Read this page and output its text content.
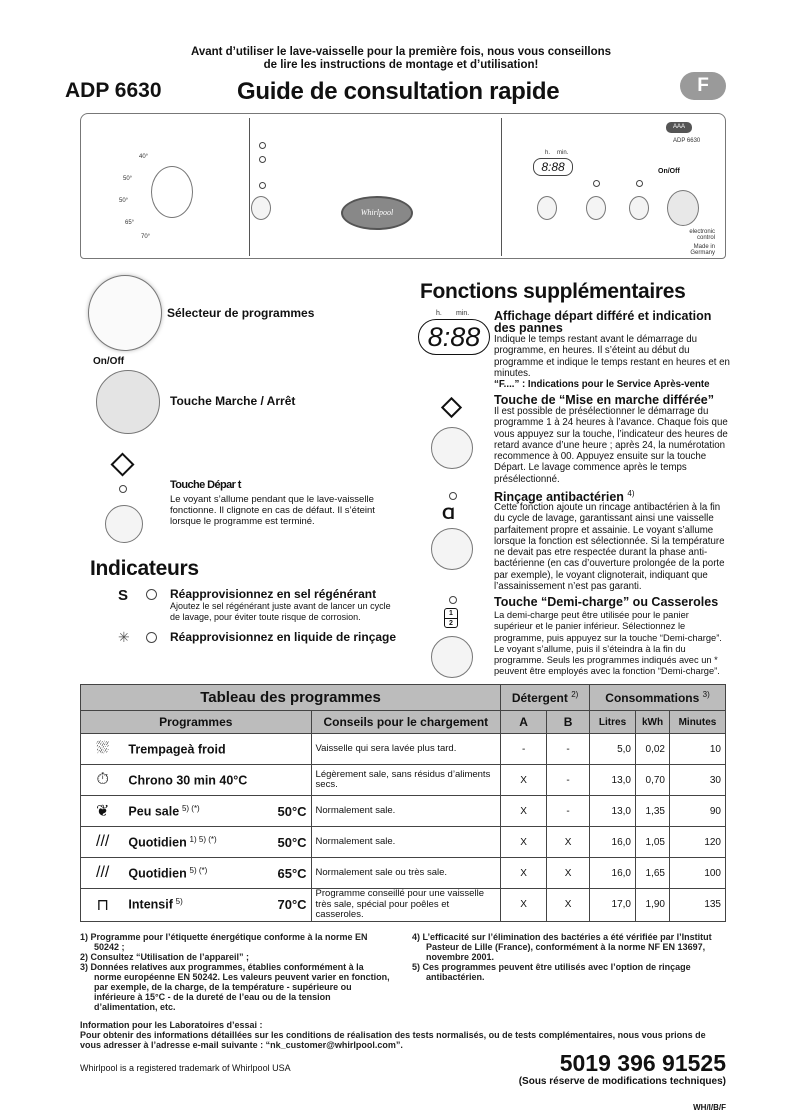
Avant d’utiliser le lave-vaisselle pour la première fois, nous vous conseillons
de lire les instructions de montage et d’utilisation!
ADP 6630	Guide de consultation rapide	F
40°
50°
50°
65°
70°
Whirlpool
h. min.
8:88	On/Off
AAA
ADP 6630
electronic control
Made in Germany
Sélecteur de programmes
On/Off
Touche Marche / Arrêt
Touche Dépar t
Le voyant s’allume pendant que le lave-vaisselle fonctionne. Il clignote en cas de défaut. Il s’éteint lorsque le programme est terminé.
Indicateurs
S	Réapprovisionnez en sel régénérant
Ajoutez le sel régénérant juste avant de lancer un cycle de lavage, pour éviter toute risque de corrosion.
✳	Réapprovisionnez en liquide de rinçage
Fonctions supplémentaires
h. min.
8:88
Affichage départ différé et indication des pannes
Indique le temps restant avant le démarrage du programme, en heures. Il s’éteint au début du programme et indique le temps restant en heures et en minutes.
“F....” : Indications pour le Service Après-vente
Touche de “Mise en marche différée”
Il est possible de présélectionner le démarrage du programme 1 à 24 heures à l’avance. Chaque fois que vous appuyez sur la touche, l’indicateur des heures de retard avance d’une heure ; après 24, la numérotation recommence à 00. Appuyez ensuite sur la touche Départ. Le lavage commence après le temps présélectionné.
Ɑ
Rinçage antibactérien $^{4)}$
Cette fonction ajoute un rincage antibactérien à la fin du cycle de lavage, garantissant ainsi une vaisselle parfaitement propre et assainie. Le voyant s’allume lorsque la fonction est sélectionnée. Si la température ne devait pas etre respectée durant la phase anti-bactérienne (en cas d’ouverture prolongée de la porte par exemple), le voyant clignoterait, indiquant que l’assainissement n’est pas garanti.
1
2
Touche “Demi-charge” ou Casseroles
La demi-charge peut être utilisée pour le panier supérieur et le panier inférieur. Sélectionnez le programme, puis appuyez sur la touche “Demi-charge”. Le voyant s’allume, puis il s’éteindra à la fin du programme. Seuls les programmes indiqués avec un * peuvent être employés avec la fonction “Demi-charge”.
Tableau des programmes			Détergent $^{2)}$		Consommations $^{3)}$
Programmes		Conseils pour le chargement	A	B	Litres	kWh	Minutes
⛆	Trempageà froid	Vaisselle qui sera lavée plus tard.	-	-	5,0	0,02	10
⏱	Chrono 30 min 40°C	Légèrement sale, sans résidus d’aliments secs.	X	-	13,0	0,70	30
❦	Peu sale $^{5) (*)}$ 50°C	Normalement sale.	X	-	13,0	1,35	90
///	Quotidien $^{1) 5) (*)}$ 50°C	Normalement sale.	X	X	16,0	1,05	120
///	Quotidien $^{5) (*)}$ 65°C	Normalement sale ou très sale.	X	X	16,0	1,65	100
⊓	Intensif $^{5)}$ 70°C	Programme conseillé pour une vaisselle très sale, spécial pour poêles et casseroles.	X	X	17,0	1,90	135
1) Programme pour l’étiquette énergétique conforme à la norme EN 50242 ;
2) Consultez “Utilisation de l’appareil” ;
3) Données relatives aux programmes, établies conformément à la norme européenne EN 50242. Les valeurs peuvent varier en fonction, par exemple, de la charge, de la température - supérieure ou inférieure à 15°C - de la dureté de l’eau ou de la tension d’alimentation, etc.
4) L’efficacité sur l’élimination des bactéries a été vérifiée par l’Institut Pasteur de Lille (France), conformément à la norme NF EN 13697, novembre 2001.
5) Ces programmes peuvent être utilisés avec l’option de rinçage antibactérien.
Information pour les Laboratoires d’essai :
Pour obtenir des informations détaillées sur les conditions de réalisation des tests normalisés, ou de tests complémentaires, nous vous prions de vous adresser à l’adresse e-mail suivante : “nk_customer@whirlpool.com”.
Whirlpool is a registered trademark of Whirlpool USA	5019 396 91525
(Sous réserve de modifications techniques)
WH/I/B/F
